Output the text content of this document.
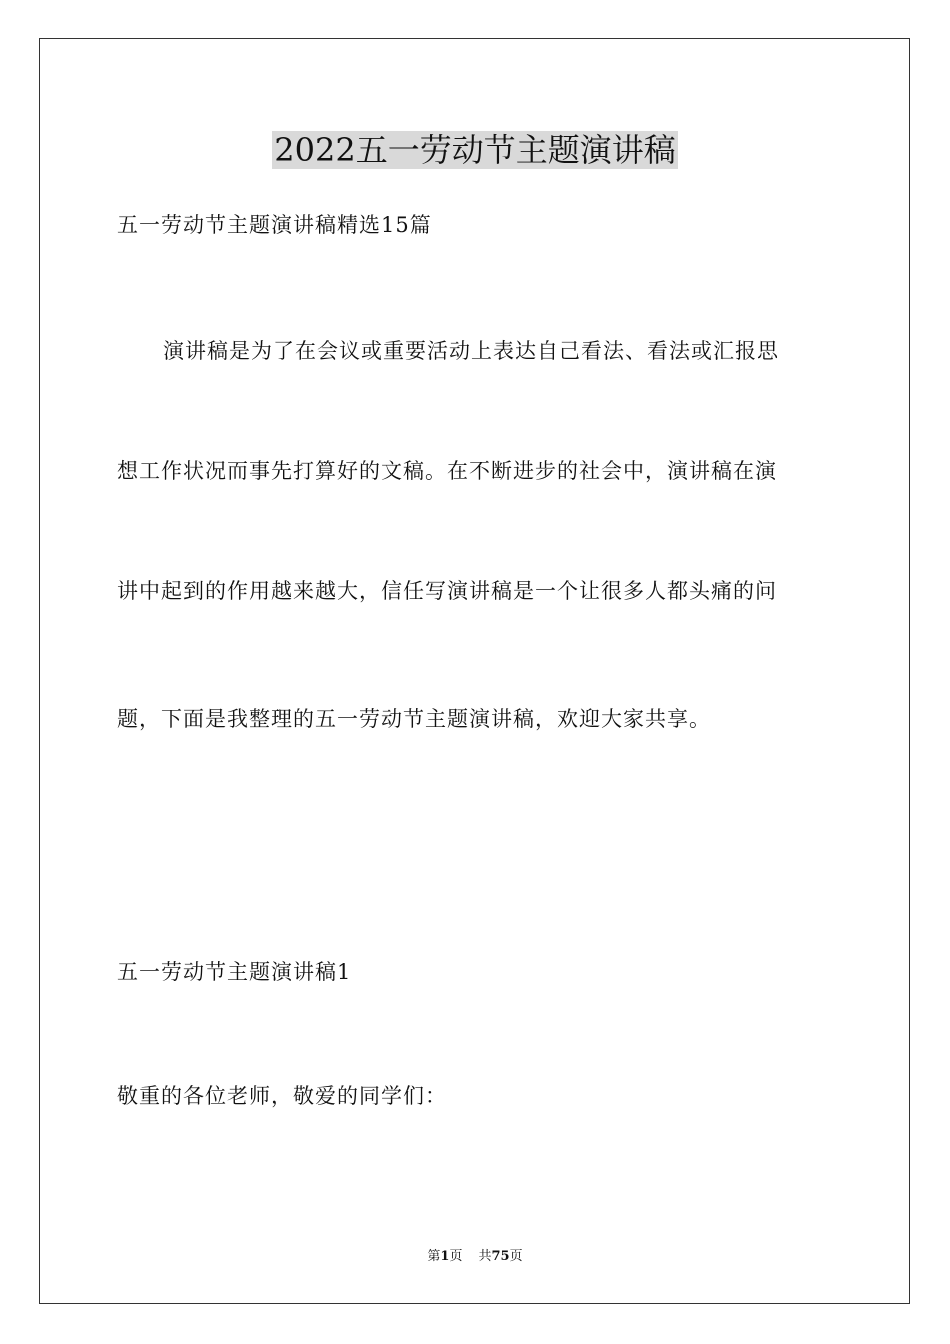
2022五一劳动节主题演讲稿
五一劳动节主题演讲稿精选15篇
演讲稿是为了在会议或重要活动上表达自己看法、看法或汇报思
想工作状况而事先打算好的文稿。在不断进步的社会中，演讲稿在演
讲中起到的作用越来越大，信任写演讲稿是一个让很多人都头痛的问
题，下面是我整理的五一劳动节主题演讲稿，欢迎大家共享。
五一劳动节主题演讲稿1
敬重的各位老师，敬爱的同学们：
第1页 共75页
